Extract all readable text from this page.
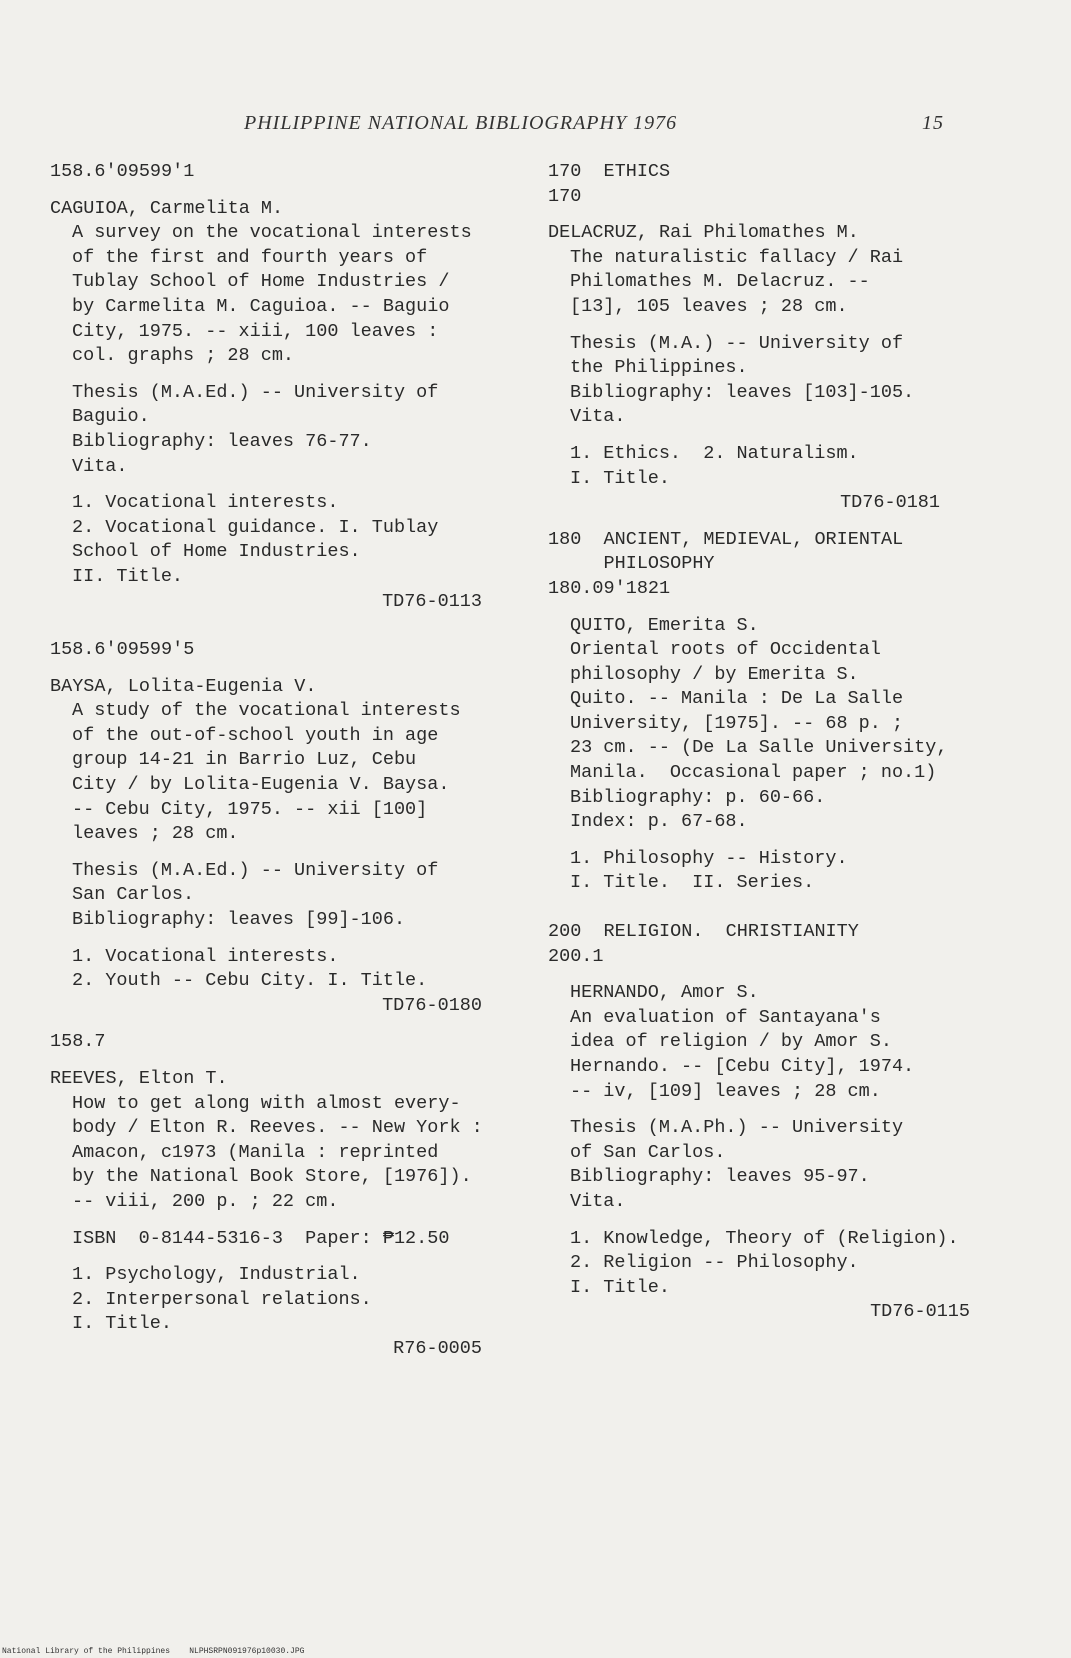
PHILIPPINE NATIONAL BIBLIOGRAPHY 1976	15
158.6'09599'1
CAGUIOA, Carmelita M.
A survey on the vocational interests
of the first and fourth years of
Tublay School of Home Industries /
by Carmelita M. Caguioa. -- Baguio
City, 1975. -- xiii, 100 leaves :
col. graphs ; 28 cm.
Thesis (M.A.Ed.) -- University of
Baguio.
Bibliography: leaves 76-77.
Vita.
1. Vocational interests.
2. Vocational guidance. I. Tublay
School of Home Industries.
II. Title.
TD76-0113
158.6'09599'5
BAYSA, Lolita-Eugenia V.
A study of the vocational interests
of the out-of-school youth in age
group 14-21 in Barrio Luz, Cebu
City / by Lolita-Eugenia V. Baysa.
-- Cebu City, 1975. -- xii [100]
leaves ; 28 cm.
Thesis (M.A.Ed.) -- University of
San Carlos.
Bibliography: leaves [99]-106.
1. Vocational interests.
2. Youth -- Cebu City. I. Title.
TD76-0180
158.7
REEVES, Elton T.
How to get along with almost every-
body / Elton R. Reeves. -- New York :
Amacon, c1973 (Manila : reprinted
by the National Book Store, [1976]).
-- viii, 200 p. ; 22 cm.
ISBN  0-8144-5316-3  Paper: ₱12.50
1. Psychology, Industrial.
2. Interpersonal relations.
I. Title.
R76-0005
170  ETHICS
170
DELACRUZ, Rai Philomathes M.
The naturalistic fallacy / Rai
Philomathes M. Delacruz. --
[13], 105 leaves ; 28 cm.
Thesis (M.A.) -- University of
the Philippines.
Bibliography: leaves [103]-105.
Vita.
1. Ethics.  2. Naturalism.
I. Title.
TD76-0181
180  ANCIENT, MEDIEVAL, ORIENTAL
PHILOSOPHY
180.09'1821
QUITO, Emerita S.
Oriental roots of Occidental
philosophy / by Emerita S.
Quito. -- Manila : De La Salle
University, [1975]. -- 68 p. ;
23 cm. -- (De La Salle University,
Manila.  Occasional paper ; no.1)
Bibliography: p. 60-66.
Index: p. 67-68.
1. Philosophy -- History.
I. Title.  II. Series.
200  RELIGION.  CHRISTIANITY
200.1
HERNANDO, Amor S.
An evaluation of Santayana's
idea of religion / by Amor S.
Hernando. -- [Cebu City], 1974.
-- iv, [109] leaves ; 28 cm.
Thesis (M.A.Ph.) -- University
of San Carlos.
Bibliography: leaves 95-97.
Vita.
1. Knowledge, Theory of (Religion).
2. Religion -- Philosophy.
I. Title.
TD76-0115
National Library of the Philippines    NLPHSRPN091976p10030.JPG
